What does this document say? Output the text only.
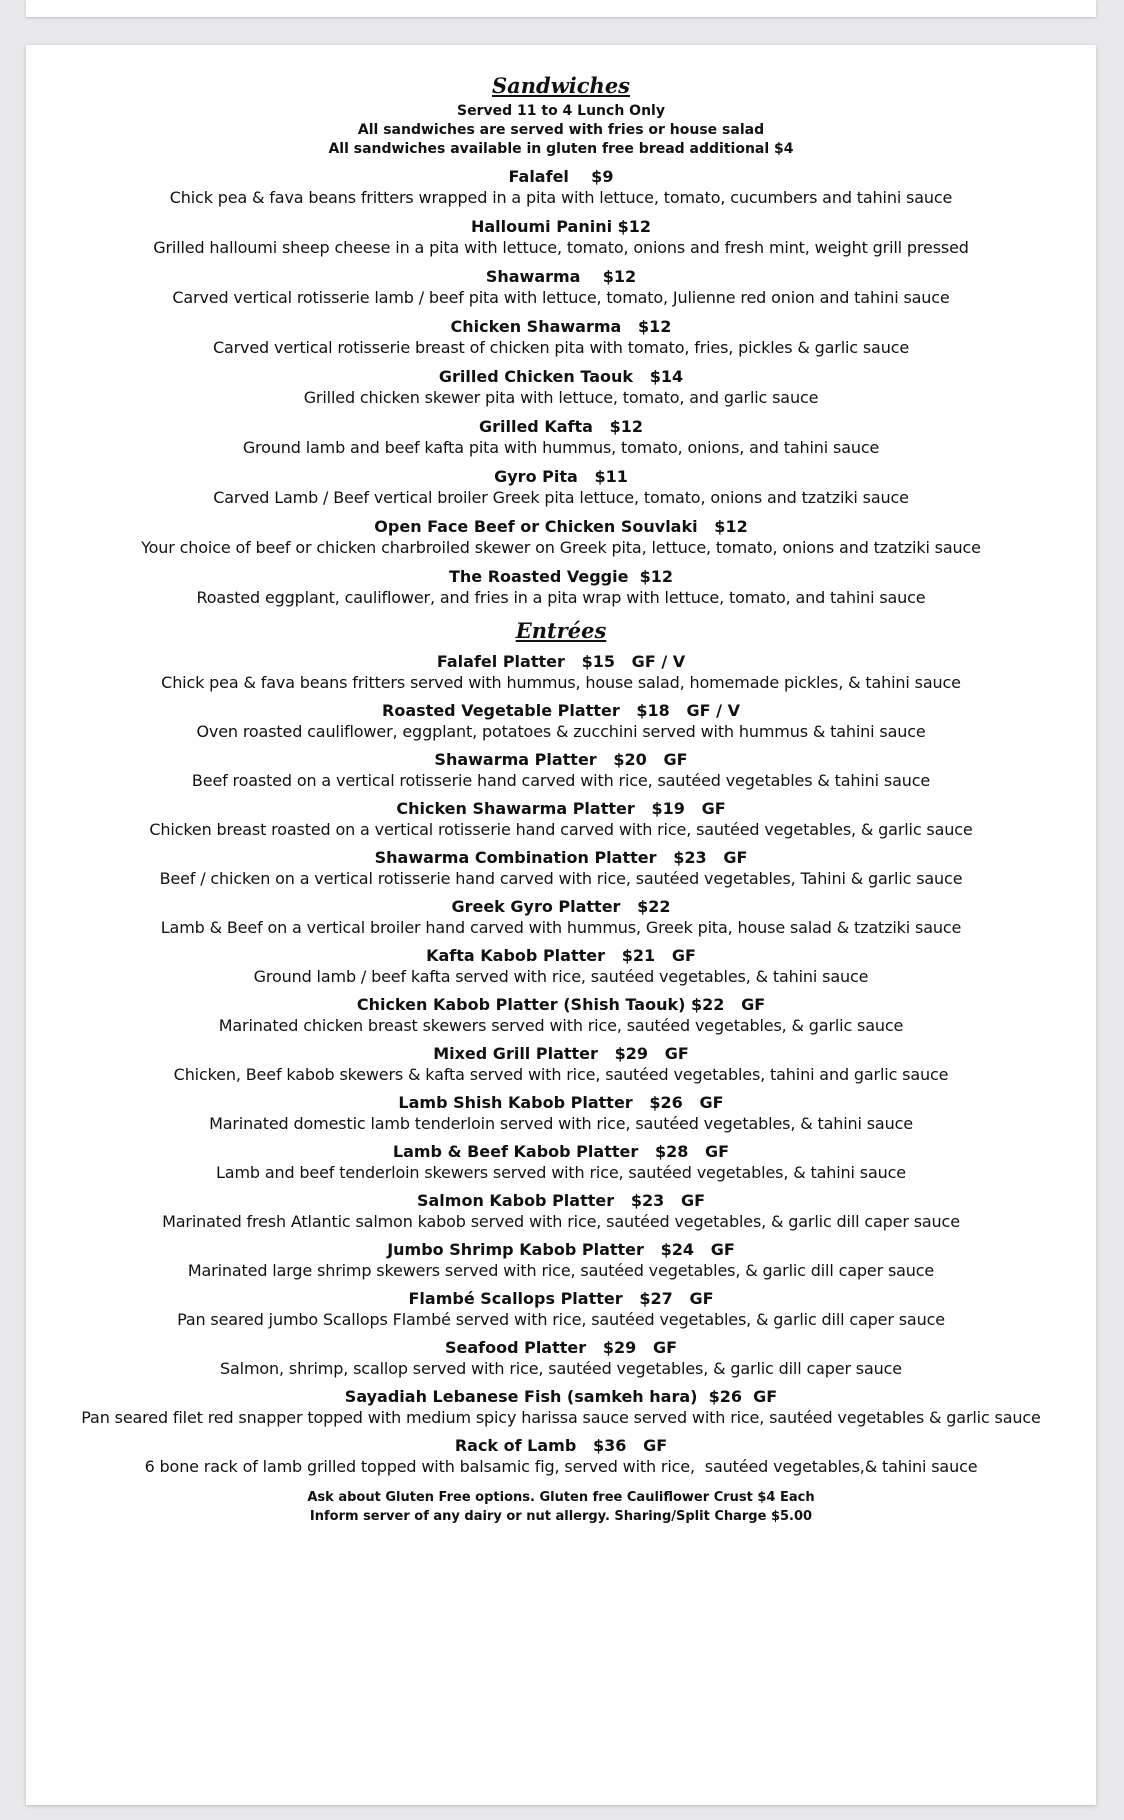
Sandwiches
Served 11 to 4 Lunch Only
All sandwiches are served with fries or house salad
All sandwiches available in gluten free bread additional $4
Falafel    $9
Chick pea & fava beans fritters wrapped in a pita with lettuce, tomato, cucumbers and tahini sauce
Halloumi Panini $12
Grilled halloumi sheep cheese in a pita with lettuce, tomato, onions and fresh mint, weight grill pressed
Shawarma    $12
Carved vertical rotisserie lamb / beef pita with lettuce, tomato, Julienne red onion and tahini sauce
Chicken Shawarma   $12
Carved vertical rotisserie breast of chicken pita with tomato, fries, pickles & garlic sauce
Grilled Chicken Taouk   $14
Grilled chicken skewer pita with lettuce, tomato, and garlic sauce
Grilled Kafta   $12
Ground lamb and beef kafta pita with hummus, tomato, onions, and tahini sauce
Gyro Pita   $11
Carved Lamb / Beef vertical broiler Greek pita lettuce, tomato, onions and tzatziki sauce
Open Face Beef or Chicken Souvlaki   $12
Your choice of beef or chicken charbroiled skewer on Greek pita, lettuce, tomato, onions and tzatziki sauce
The Roasted Veggie  $12
Roasted eggplant, cauliflower, and fries in a pita wrap with lettuce, tomato, and tahini sauce
Entrées
Falafel Platter   $15   GF / V
Chick pea & fava beans fritters served with hummus, house salad, homemade pickles, & tahini sauce
Roasted Vegetable Platter   $18   GF / V
Oven roasted cauliflower, eggplant, potatoes & zucchini served with hummus & tahini sauce
Shawarma Platter   $20   GF
Beef roasted on a vertical rotisserie hand carved with rice, sautéed vegetables & tahini sauce
Chicken Shawarma Platter   $19   GF
Chicken breast roasted on a vertical rotisserie hand carved with rice, sautéed vegetables, & garlic sauce
Shawarma Combination Platter   $23   GF
Beef / chicken on a vertical rotisserie hand carved with rice, sautéed vegetables, Tahini & garlic sauce
Greek Gyro Platter   $22
Lamb & Beef on a vertical broiler hand carved with hummus, Greek pita, house salad & tzatziki sauce
Kafta Kabob Platter   $21   GF
Ground lamb / beef kafta served with rice, sautéed vegetables, & tahini sauce
Chicken Kabob Platter (Shish Taouk) $22   GF
Marinated chicken breast skewers served with rice, sautéed vegetables, & garlic sauce
Mixed Grill Platter   $29   GF
Chicken, Beef kabob skewers & kafta served with rice, sautéed vegetables, tahini and garlic sauce
Lamb Shish Kabob Platter   $26   GF
Marinated domestic lamb tenderloin served with rice, sautéed vegetables, & tahini sauce
Lamb & Beef Kabob Platter   $28   GF
Lamb and beef tenderloin skewers served with rice, sautéed vegetables, & tahini sauce
Salmon Kabob Platter   $23   GF
Marinated fresh Atlantic salmon kabob served with rice, sautéed vegetables, & garlic dill caper sauce
Jumbo Shrimp Kabob Platter   $24   GF
Marinated large shrimp skewers served with rice, sautéed vegetables, & garlic dill caper sauce
Flambé Scallops Platter   $27   GF
Pan seared jumbo Scallops Flambé served with rice, sautéed vegetables, & garlic dill caper sauce
Seafood Platter   $29   GF
Salmon, shrimp, scallop served with rice, sautéed vegetables, & garlic dill caper sauce
Sayadiah Lebanese Fish (samkeh hara)  $26  GF
Pan seared filet red snapper topped with medium spicy harissa sauce served with rice, sautéed vegetables & garlic sauce
Rack of Lamb   $36   GF
6 bone rack of lamb grilled topped with balsamic fig, served with rice,  sautéed vegetables,& tahini sauce
Ask about Gluten Free options. Gluten free Cauliflower Crust $4 Each
Inform server of any dairy or nut allergy. Sharing/Split Charge $5.00
